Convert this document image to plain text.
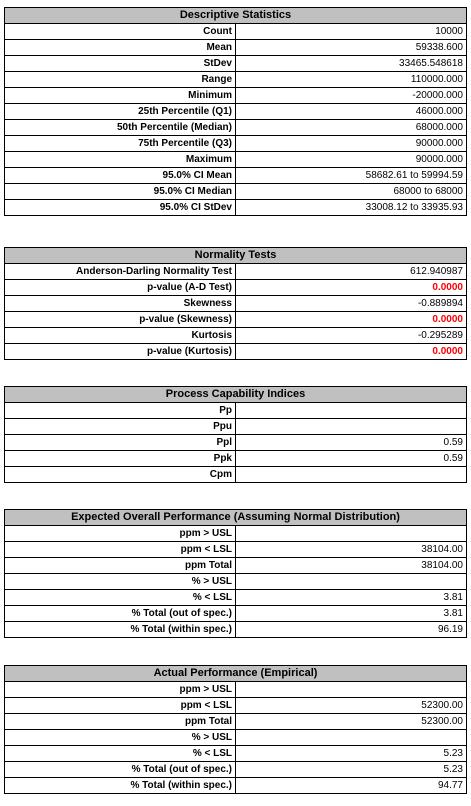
Descriptive Statistics	
Count	10000
Mean	59338.600
StDev	33465.548618
Range	110000.000
Minimum	-20000.000
25th Percentile (Q1)	46000.000
50th Percentile (Median)	68000.000
75th Percentile (Q3)	90000.000
Maximum	90000.000
95.0% CI Mean	58682.61 to 59994.59
95.0% CI Median	68000 to 68000
95.0% CI StDev	33008.12 to 33935.93
Normality Tests	
Anderson-Darling Normality Test	612.940987
p-value (A-D Test)	0.0000
Skewness	-0.889894
p-value (Skewness)	0.0000
Kurtosis	-0.295289
p-value (Kurtosis)	0.0000
Process Capability Indices	
Pp	
Ppu	
Ppl	0.59
Ppk	0.59
Cpm	
Expected Overall Performance (Assuming Normal Distribution)	
ppm > USL	
ppm < LSL	38104.00
ppm Total	38104.00
% > USL	
% < LSL	3.81
% Total (out of spec.)	3.81
% Total (within spec.)	96.19
Actual Performance (Empirical)	
ppm > USL	
ppm < LSL	52300.00
ppm Total	52300.00
% > USL	
% < LSL	5.23
% Total (out of spec.)	5.23
% Total (within spec.)	94.77
